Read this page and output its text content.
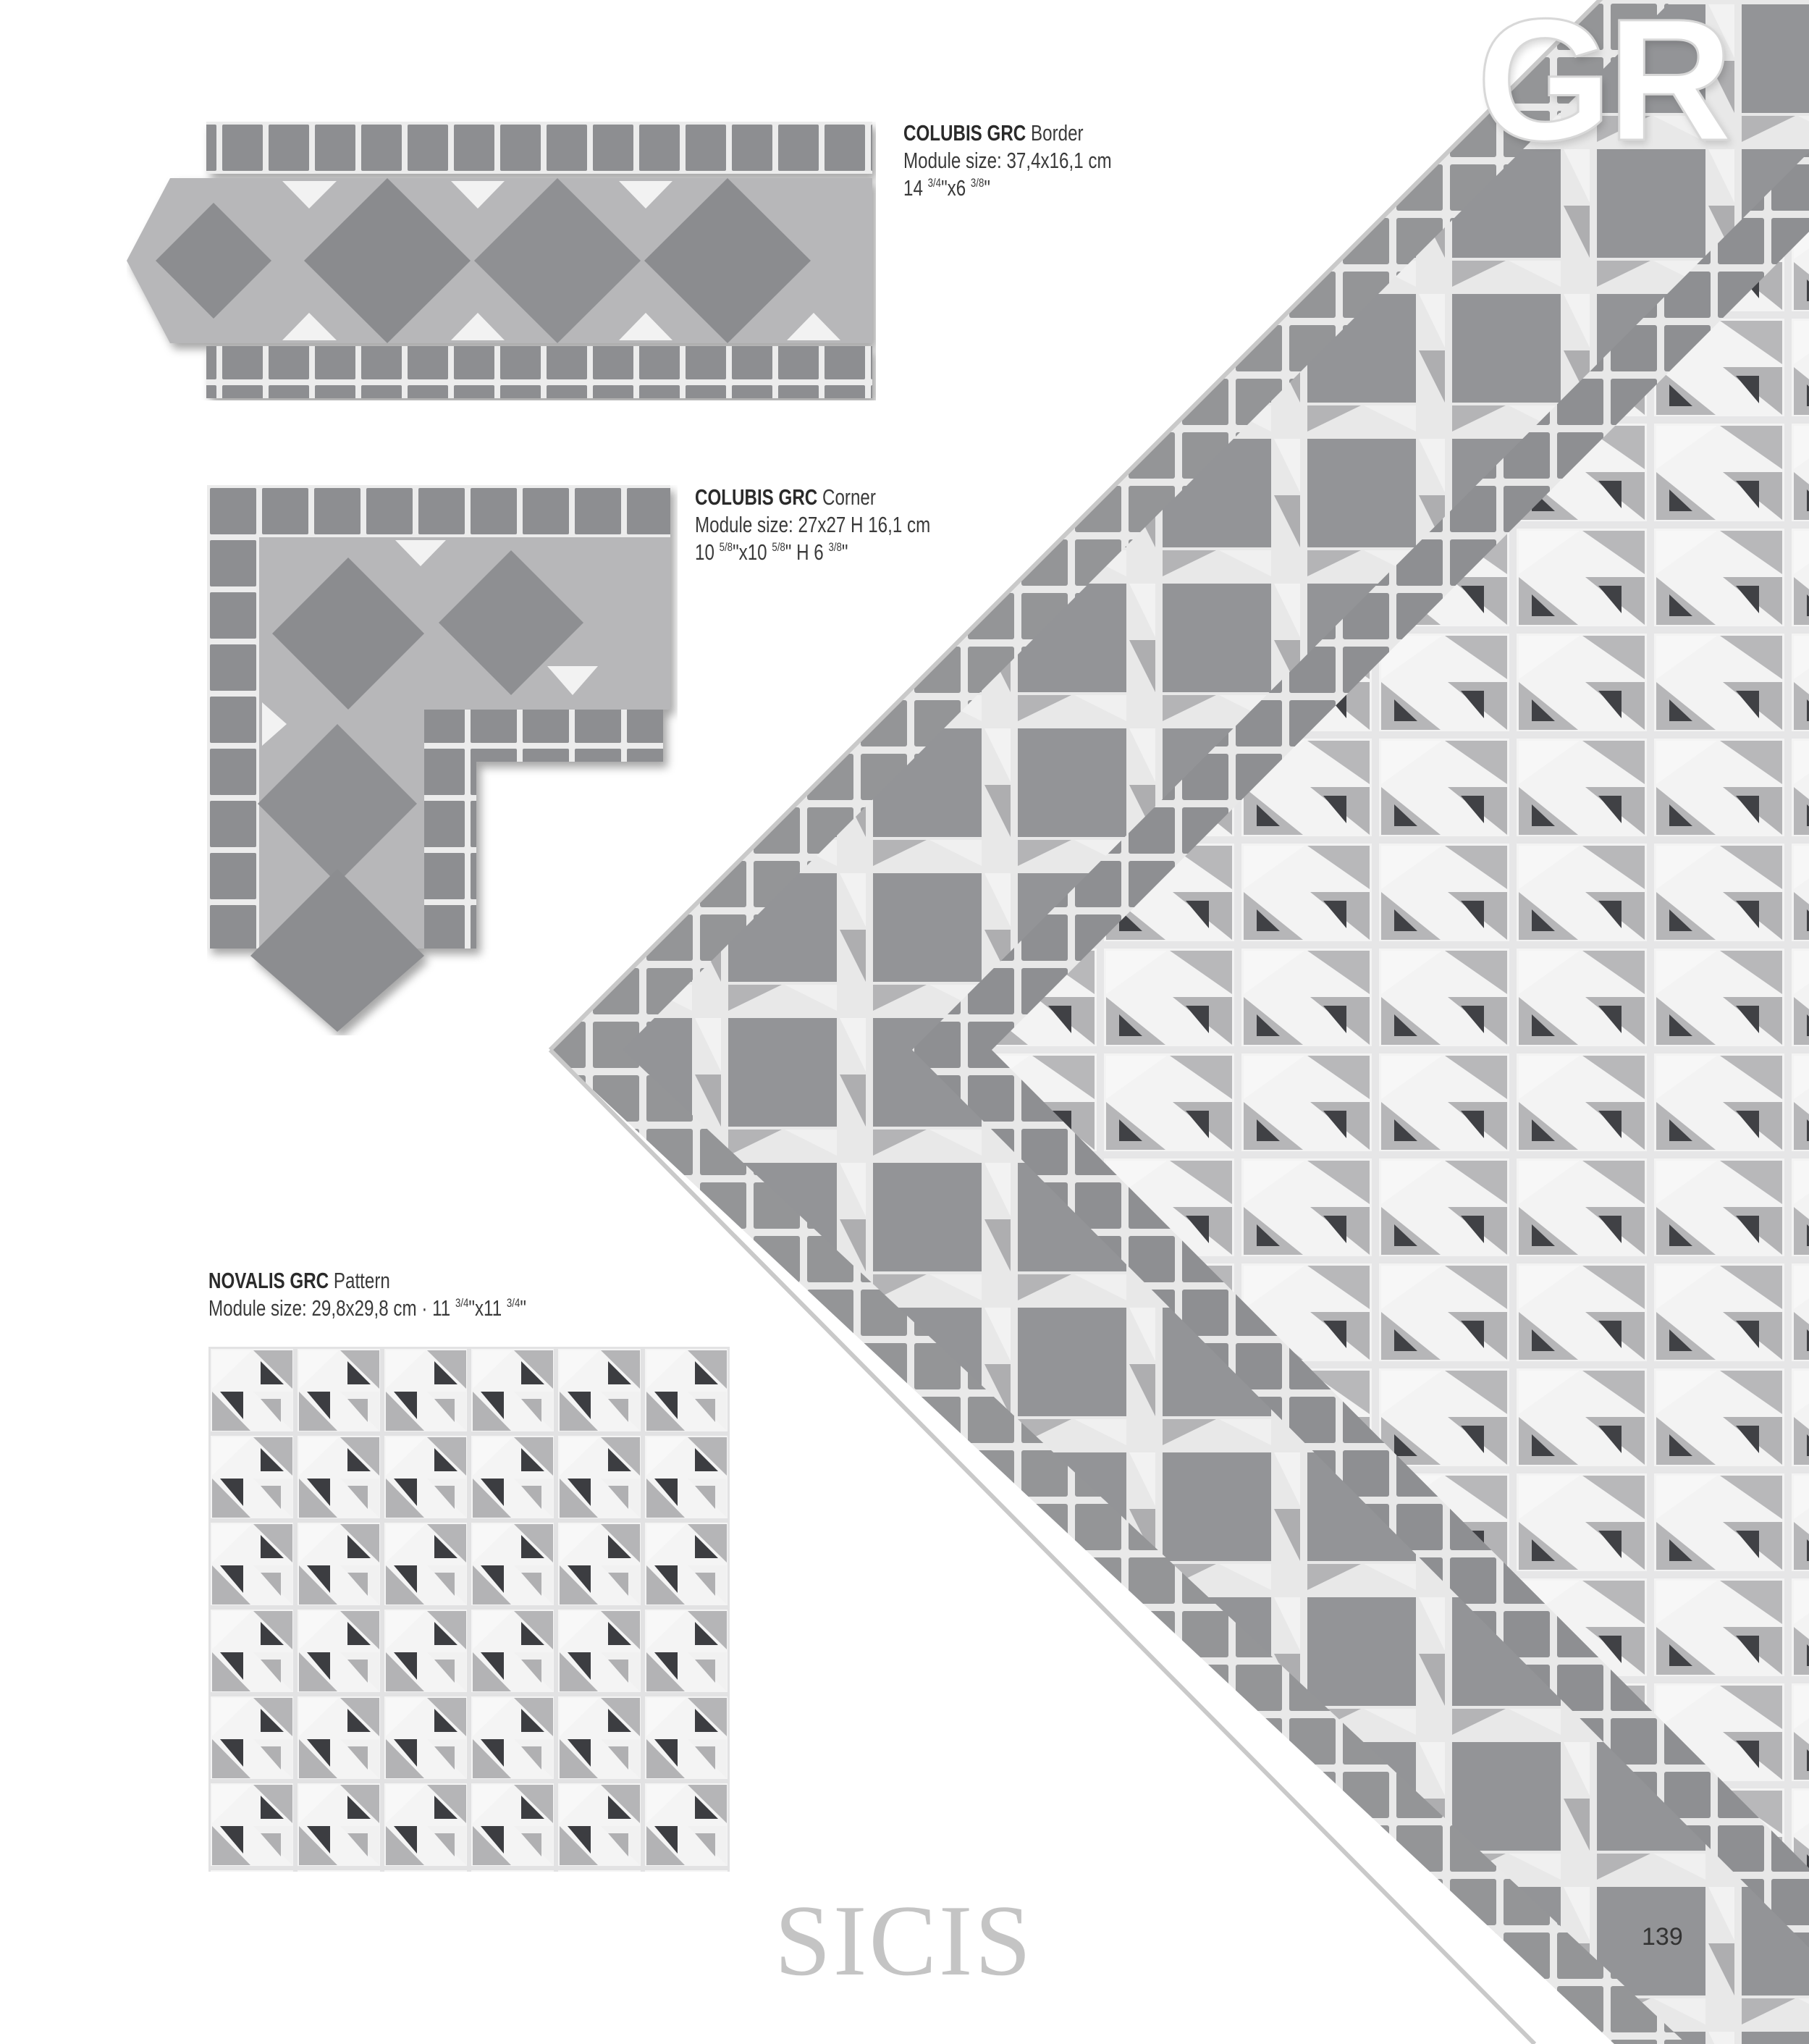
GR
COLUBIS GRC Border
Module size: 37,4x16,1 cm
14 $^{3/4}$"x6 $^{3/8}$"
COLUBIS GRC Corner
Module size: 27x27 H 16,1 cm
10 $^{5/8}$"x10 $^{5/8}$" H 6 $^{3/8}$"
NOVALIS GRC Pattern
Module size: 29,8x29,8 cm · 11 $^{3/4}$"x11 $^{3/4}$"
SICIS	139
